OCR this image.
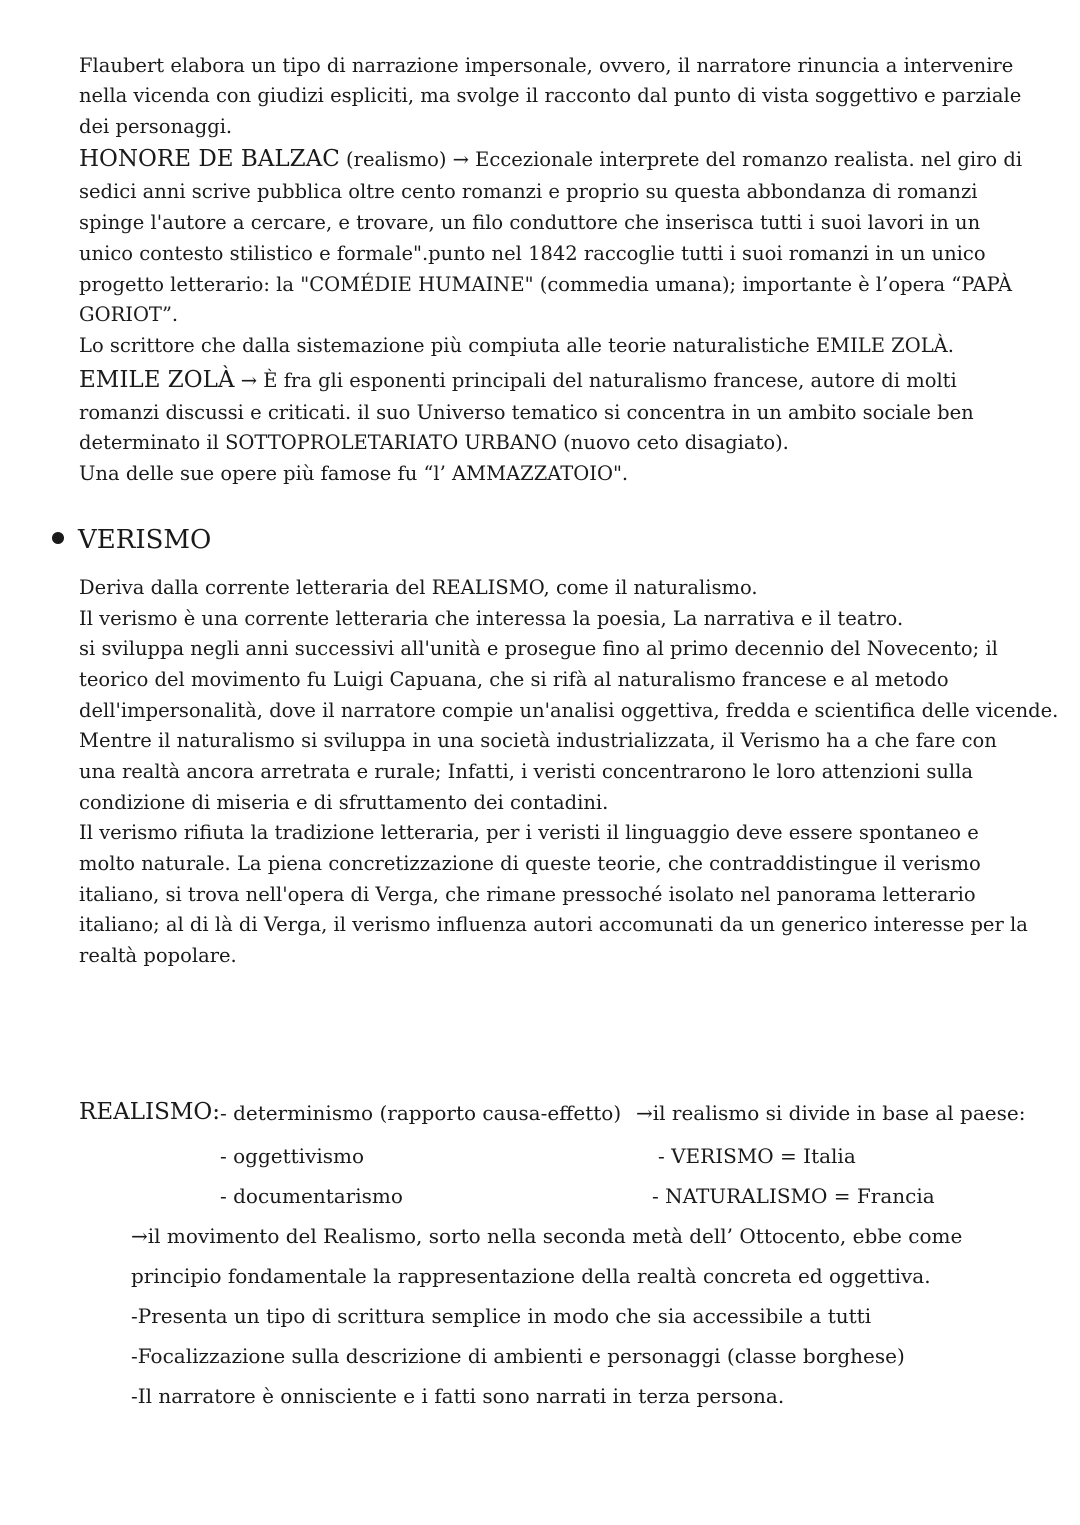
Flaubert elabora un tipo di narrazione impersonale, ovvero, il narratore rinuncia a intervenire
nella vicenda con giudizi espliciti, ma svolge il racconto dal punto di vista soggettivo e parziale
dei personaggi.
HONORE DE BALZAC (realismo) → Eccezionale interprete del romanzo realista. nel giro di
sedici anni scrive pubblica oltre cento romanzi e proprio su questa abbondanza di romanzi
spinge l'autore a cercare, e trovare, un filo conduttore che inserisca tutti i suoi lavori in un
unico contesto stilistico e formale".punto nel 1842 raccoglie tutti i suoi romanzi in un unico
progetto letterario: la "COMÉDIE HUMAINE" (commedia umana); importante è l’opera “PAPÀ
GORIOT”.
Lo scrittore che dalla sistemazione più compiuta alle teorie naturalistiche EMILE ZOLÀ.
EMILE ZOLÀ → È fra gli esponenti principali del naturalismo francese, autore di molti
romanzi discussi e criticati. il suo Universo tematico si concentra in un ambito sociale ben
determinato il SOTTOPROLETARIATO URBANO (nuovo ceto disagiato).
Una delle sue opere più famose fu “l’ AMMAZZATOIO".
VERISMO
Deriva dalla corrente letteraria del REALISMO, come il naturalismo.
Il verismo è una corrente letteraria che interessa la poesia, La narrativa e il teatro.
si sviluppa negli anni successivi all'unità e prosegue fino al primo decennio del Novecento; il
teorico del movimento fu Luigi Capuana, che si rifà al naturalismo francese e al metodo
dell'impersonalità, dove il narratore compie un'analisi oggettiva, fredda e scientifica delle vicende.
Mentre il naturalismo si sviluppa in una società industrializzata, il Verismo ha a che fare con
una realtà ancora arretrata e rurale; Infatti, i veristi concentrarono le loro attenzioni sulla
condizione di miseria e di sfruttamento dei contadini.
Il verismo rifiuta la tradizione letteraria, per i veristi il linguaggio deve essere spontaneo e
molto naturale. La piena concretizzazione di queste teorie, che contraddistingue il verismo
italiano, si trova nell'opera di Verga, che rimane pressoché isolato nel panorama letterario
italiano; al di là di Verga, il verismo influenza autori accomunati da un generico interesse per la
realtà popolare.
REALISMO: - determinismo (rapporto causa-effetto)
- oggettivismo
- documentarismo
→il realismo si divide in base al paese:
- VERISMO = Italia
- NATURALISMO = Francia
→il movimento del Realismo, sorto nella seconda metà dell’ Ottocento, ebbe come
principio fondamentale la rappresentazione della realtà concreta ed oggettiva.
-Presenta un tipo di scrittura semplice in modo che sia accessibile a tutti
-Focalizzazione sulla descrizione di ambienti e personaggi (classe borghese)
-Il narratore è onnisciente e i fatti sono narrati in terza persona.
